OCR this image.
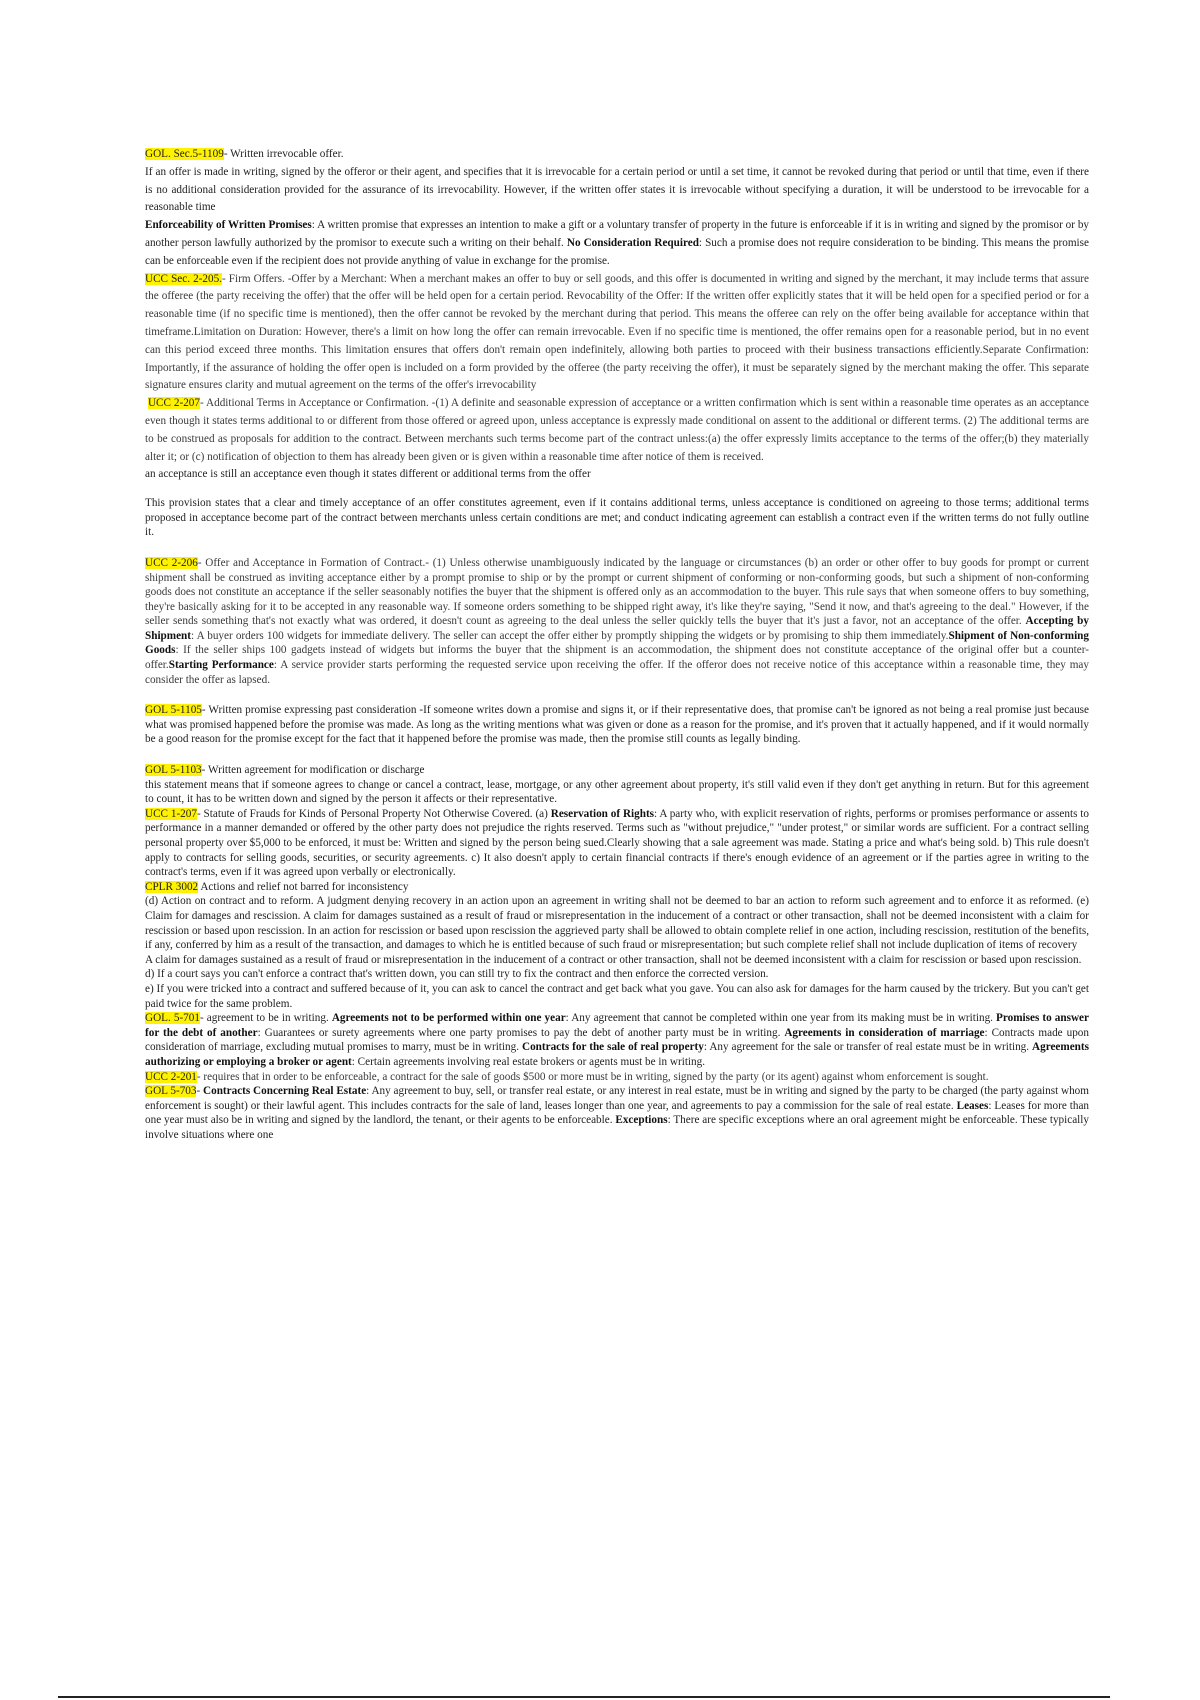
GOL. Sec.5-1109- Written irrevocable offer.

If an offer is made in writing, signed by the offeror or their agent, and specifies that it is irrevocable for a certain period or until a set time, it cannot be revoked during that period or until that time, even if there is no additional consideration provided for the assurance of its irrevocability. However, if the written offer states it is irrevocable without specifying a duration, it will be understood to be irrevocable for a reasonable time

Enforceability of Written Promises: A written promise that expresses an intention to make a gift or a voluntary transfer of property in the future is enforceable if it is in writing and signed by the promisor or by another person lawfully authorized by the promisor to execute such a writing on their behalf. No Consideration Required: Such a promise does not require consideration to be binding. This means the promise can be enforceable even if the recipient does not provide anything of value in exchange for the promise.

UCC Sec. 2-205.- Firm Offers. -Offer by a Merchant: When a merchant makes an offer to buy or sell goods, and this offer is documented in writing and signed by the merchant, it may include terms that assure the offeree (the party receiving the offer) that the offer will be held open for a certain period. Revocability of the Offer: If the written offer explicitly states that it will be held open for a specified period or for a reasonable time (if no specific time is mentioned), then the offer cannot be revoked by the merchant during that period. This means the offeree can rely on the offer being available for acceptance within that timeframe.Limitation on Duration: However, there's a limit on how long the offer can remain irrevocable. Even if no specific time is mentioned, the offer remains open for a reasonable period, but in no event can this period exceed three months. This limitation ensures that offers don't remain open indefinitely, allowing both parties to proceed with their business transactions efficiently.Separate Confirmation: Importantly, if the assurance of holding the offer open is included on a form provided by the offeree (the party receiving the offer), it must be separately signed by the merchant making the offer. This separate signature ensures clarity and mutual agreement on the terms of the offer's irrevocability

UCC 2-207- Additional Terms in Acceptance or Confirmation. -(1) A definite and seasonable expression of acceptance or a written confirmation which is sent within a reasonable time operates as an acceptance even though it states terms additional to or different from those offered or agreed upon, unless acceptance is expressly made conditional on assent to the additional or different terms. (2) The additional terms are to be construed as proposals for addition to the contract. Between merchants such terms become part of the contract unless:(a) the offer expressly limits acceptance to the terms of the offer;(b) they materially alter it; or (c) notification of objection to them has already been given or is given within a reasonable time after notice of them is received.

an acceptance is still an acceptance even though it states different or additional terms from the offer

This provision states that a clear and timely acceptance of an offer constitutes agreement, even if it contains additional terms, unless acceptance is conditioned on agreeing to those terms; additional terms proposed in acceptance become part of the contract between merchants unless certain conditions are met; and conduct indicating agreement can establish a contract even if the written terms do not fully outline it.

UCC 2-206- Offer and Acceptance in Formation of Contract.- (1) Unless otherwise unambiguously indicated by the language or circumstances (b) an order or other offer to buy goods for prompt or current shipment shall be construed as inviting acceptance either by a prompt promise to ship or by the prompt or current shipment of conforming or non-conforming goods, but such a shipment of non-conforming goods does not constitute an acceptance if the seller seasonably notifies the buyer that the shipment is offered only as an accommodation to the buyer. This rule says that when someone offers to buy something, they're basically asking for it to be accepted in any reasonable way. If someone orders something to be shipped right away, it's like they're saying, "Send it now, and that's agreeing to the deal." However, if the seller sends something that's not exactly what was ordered, it doesn't count as agreeing to the deal unless the seller quickly tells the buyer that it's just a favor, not an acceptance of the offer. Accepting by Shipment: A buyer orders 100 widgets for immediate delivery. The seller can accept the offer either by promptly shipping the widgets or by promising to ship them immediately.Shipment of Non-conforming Goods: If the seller ships 100 gadgets instead of widgets but informs the buyer that the shipment is an accommodation, the shipment does not constitute acceptance of the original offer but a counter-offer.Starting Performance: A service provider starts performing the requested service upon receiving the offer. If the offeror does not receive notice of this acceptance within a reasonable time, they may consider the offer as lapsed.

GOL 5-1105- Written promise expressing past consideration -If someone writes down a promise and signs it, or if their representative does, that promise can't be ignored as not being a real promise just because what was promised happened before the promise was made. As long as the writing mentions what was given or done as a reason for the promise, and it's proven that it actually happened, and if it would normally be a good reason for the promise except for the fact that it happened before the promise was made, then the promise still counts as legally binding.

GOL 5-1103- Written agreement for modification or discharge

this statement means that if someone agrees to change or cancel a contract, lease, mortgage, or any other agreement about property, it's still valid even if they don't get anything in return. But for this agreement to count, it has to be written down and signed by the person it affects or their representative.

UCC 1-207- Statute of Frauds for Kinds of Personal Property Not Otherwise Covered. (a) Reservation of Rights: A party who, with explicit reservation of rights, performs or promises performance or assents to performance in a manner demanded or offered by the other party does not prejudice the rights reserved. Terms such as "without prejudice," "under protest," or similar words are sufficient. For a contract selling personal property over $5,000 to be enforced, it must be: Written and signed by the person being sued.Clearly showing that a sale agreement was made. Stating a price and what's being sold. b) This rule doesn't apply to contracts for selling goods, securities, or security agreements. c) It also doesn't apply to certain financial contracts if there's enough evidence of an agreement or if the parties agree in writing to the contract's terms, even if it was agreed upon verbally or electronically.

CPLR 3002 Actions and relief not barred for inconsistency

(d) Action on contract and to reform. A judgment denying recovery in an action upon an agreement in writing shall not be deemed to bar an action to reform such agreement and to enforce it as reformed. (e) Claim for damages and rescission. A claim for damages sustained as a result of fraud or misrepresentation in the inducement of a contract or other transaction, shall not be deemed inconsistent with a claim for rescission or based upon rescission. In an action for rescission or based upon rescission the aggrieved party shall be allowed to obtain complete relief in one action, including rescission, restitution of the benefits, if any, conferred by him as a result of the transaction, and damages to which he is entitled because of such fraud or misrepresentation; but such complete relief shall not include duplication of items of recovery

A claim for damages sustained as a result of fraud or misrepresentation in the inducement of a contract or other transaction, shall not be deemed inconsistent with a claim for rescission or based upon rescission.

d) If a court says you can't enforce a contract that's written down, you can still try to fix the contract and then enforce the corrected version.

e) If you were tricked into a contract and suffered because of it, you can ask to cancel the contract and get back what you gave. You can also ask for damages for the harm caused by the trickery. But you can't get paid twice for the same problem.

GOL. 5-701- agreement to be in writing. Agreements not to be performed within one year: Any agreement that cannot be completed within one year from its making must be in writing. Promises to answer for the debt of another: Guarantees or surety agreements where one party promises to pay the debt of another party must be in writing. Agreements in consideration of marriage: Contracts made upon consideration of marriage, excluding mutual promises to marry, must be in writing. Contracts for the sale of real property: Any agreement for the sale or transfer of real estate must be in writing. Agreements authorizing or employing a broker or agent: Certain agreements involving real estate brokers or agents must be in writing.

UCC 2-201- requires that in order to be enforceable, a contract for the sale of goods $500 or more must be in writing, signed by the party (or its agent) against whom enforcement is sought.

GOL 5-703- Contracts Concerning Real Estate: Any agreement to buy, sell, or transfer real estate, or any interest in real estate, must be in writing and signed by the party to be charged (the party against whom enforcement is sought) or their lawful agent. This includes contracts for the sale of land, leases longer than one year, and agreements to pay a commission for the sale of real estate. Leases: Leases for more than one year must also be in writing and signed by the landlord, the tenant, or their agents to be enforceable. Exceptions: There are specific exceptions where an oral agreement might be enforceable. These typically involve situations where one
